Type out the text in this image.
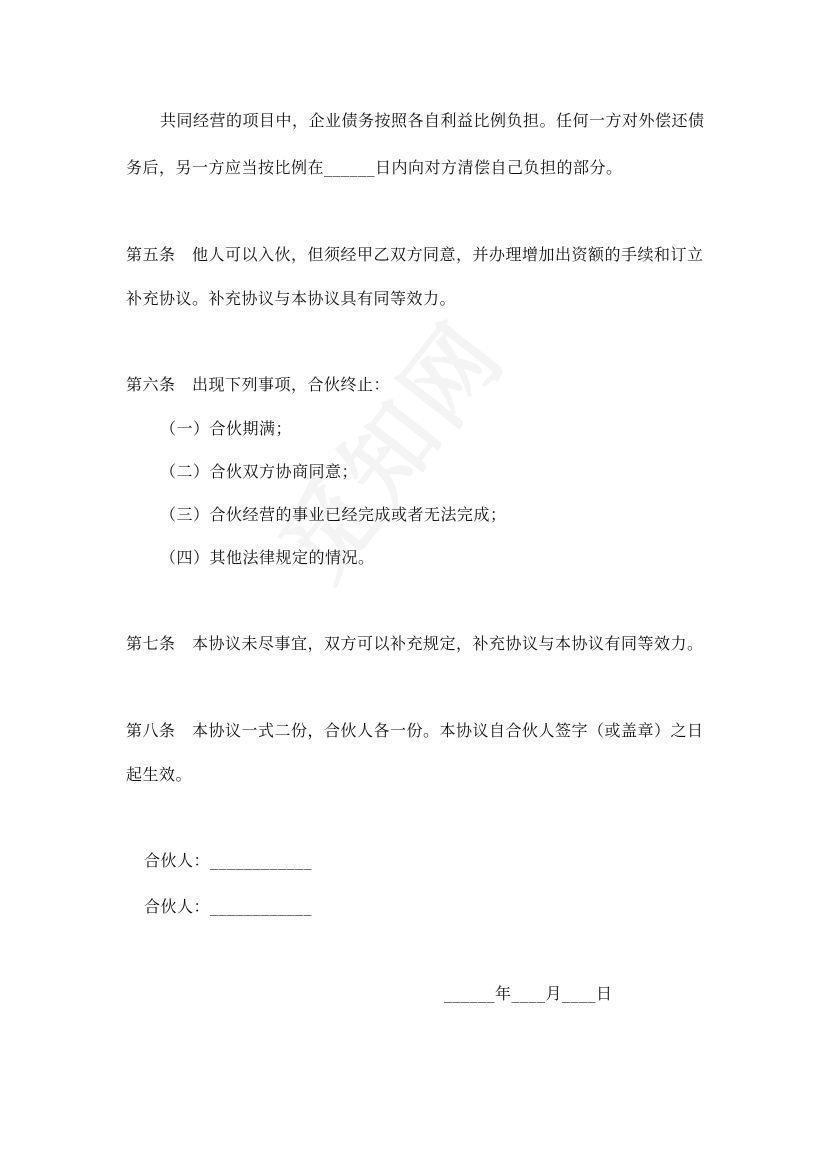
共同经营的项目中，企业债务按照各自利益比例负担。任何一方对外偿还债
务后，另一方应当按比例在______日内向对方清偿自己负担的部分。
第五条　他人可以入伙，但须经甲乙双方同意，并办理增加出资额的手续和订立
补充协议。补充协议与本协议具有同等效力。
第六条　出现下列事项，合伙终止：
（一）合伙期满；
（二）合伙双方协商同意；
（三）合伙经营的事业已经完成或者无法完成；
（四）其他法律规定的情况。
第七条　本协议未尽事宜，双方可以补充规定，补充协议与本协议有同等效力。
第八条　本协议一式二份，合伙人各一份。本协议自合伙人签字（或盖章）之日
起生效。
合伙人：____________
合伙人：____________
______年____月____日
